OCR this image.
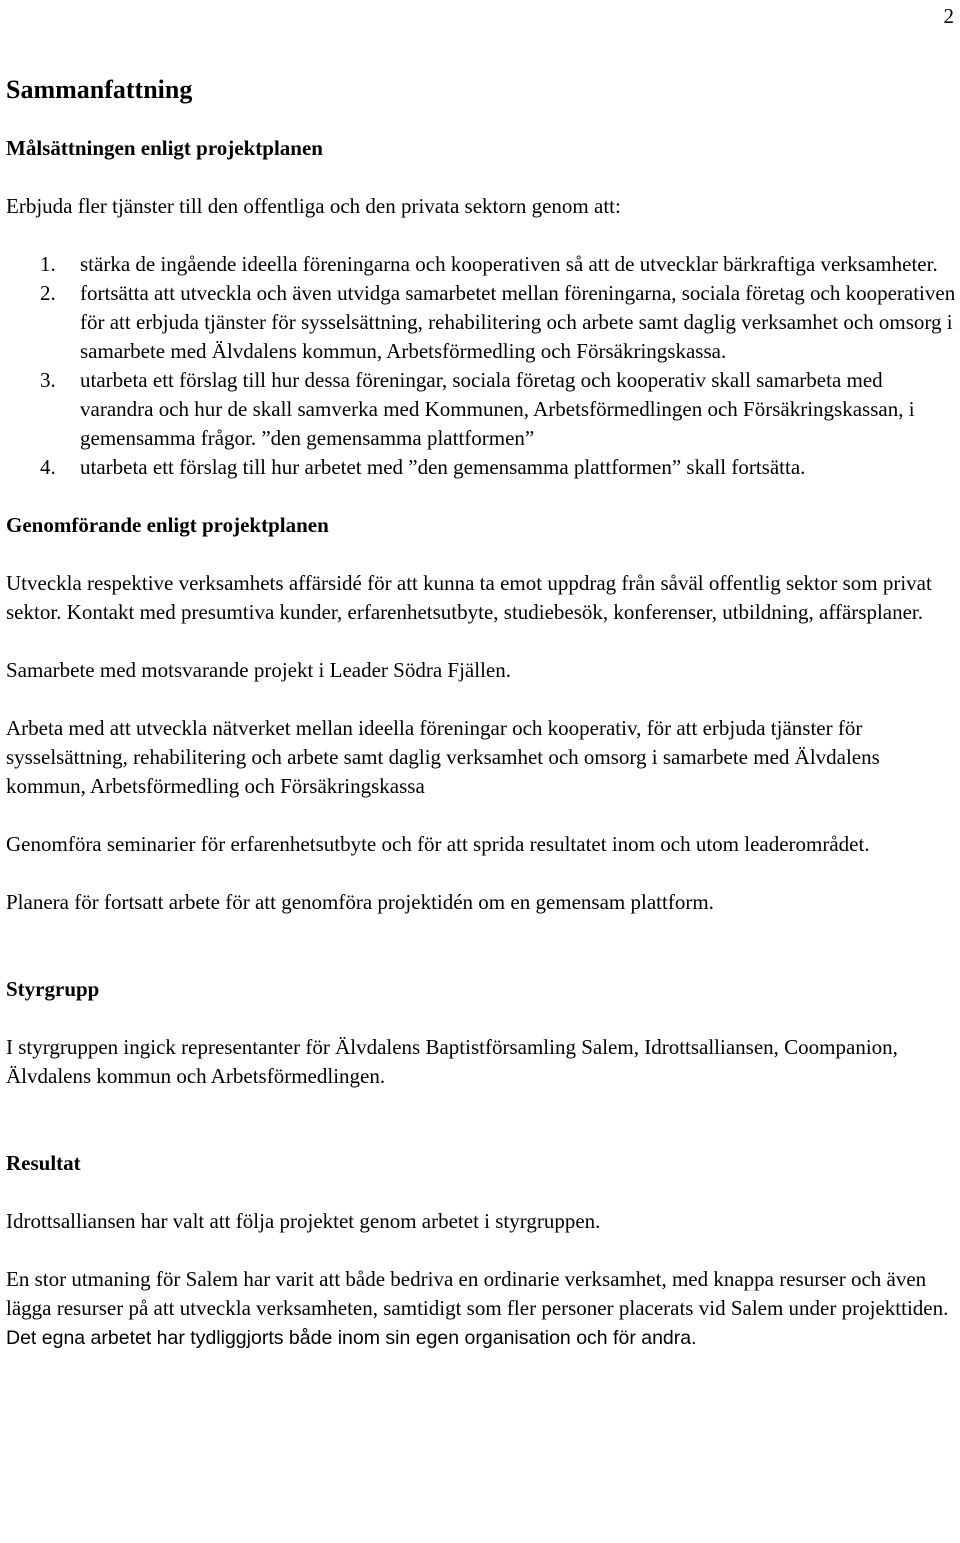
2
Sammanfattning
Målsättningen enligt projektplanen

Erbjuda fler tjänster till den offentliga och den privata sektorn genom att:

1. stärka de ingående ideella föreningarna och kooperativen så att de utvecklar bärkraftiga verksamheter.
2. fortsätta att utveckla och även utvidga samarbetet mellan föreningarna, sociala företag och kooperativen för att erbjuda tjänster för sysselsättning, rehabilitering och arbete samt daglig verksamhet och omsorg i samarbete med Älvdalens kommun, Arbetsförmedling och Försäkringskassa.
3. utarbeta ett förslag till hur dessa föreningar, sociala företag och kooperativ skall samarbeta med varandra och hur de skall samverka med Kommunen, Arbetsförmedlingen och Försäkringskassan, i gemensamma frågor. ”den gemensamma plattformen”
4. utarbeta ett förslag till hur arbetet med ”den gemensamma plattformen” skall fortsätta.
Genomförande enligt projektplanen

Utveckla respektive verksamhets affärsidé för att kunna ta emot uppdrag från såväl offentlig sektor som privat sektor. Kontakt med presumtiva kunder, erfarenhetsutbyte, studiebesök, konferenser, utbildning, affärsplaner.

Samarbete med motsvarande projekt i Leader Södra Fjällen.

Arbeta med att utveckla nätverket mellan ideella föreningar och kooperativ, för att erbjuda tjänster för sysselsättning, rehabilitering och arbete samt daglig verksamhet och omsorg i samarbete med Älvdalens kommun, Arbetsförmedling och Försäkringskassa

Genomföra seminarier för erfarenhetsutbyte och för att sprida resultatet inom och utom leaderområdet.

Planera för fortsatt arbete för att genomföra projektidén om en gemensam plattform.

Styrgrupp

I styrgruppen ingick representanter för Älvdalens Baptistförsamling Salem, Idrottsalliansen, Coompanion, Älvdalens kommun och Arbetsförmedlingen.

Resultat

Idrottsalliansen har valt att följa projektet genom arbetet i styrgruppen.

En stor utmaning för Salem har varit att både bedriva en ordinarie verksamhet, med knappa resurser och även lägga resurser på att utveckla verksamheten, samtidigt som fler personer placerats vid Salem under projekttiden.  Det egna arbetet har tydliggjorts både inom sin egen organisation och för andra.
